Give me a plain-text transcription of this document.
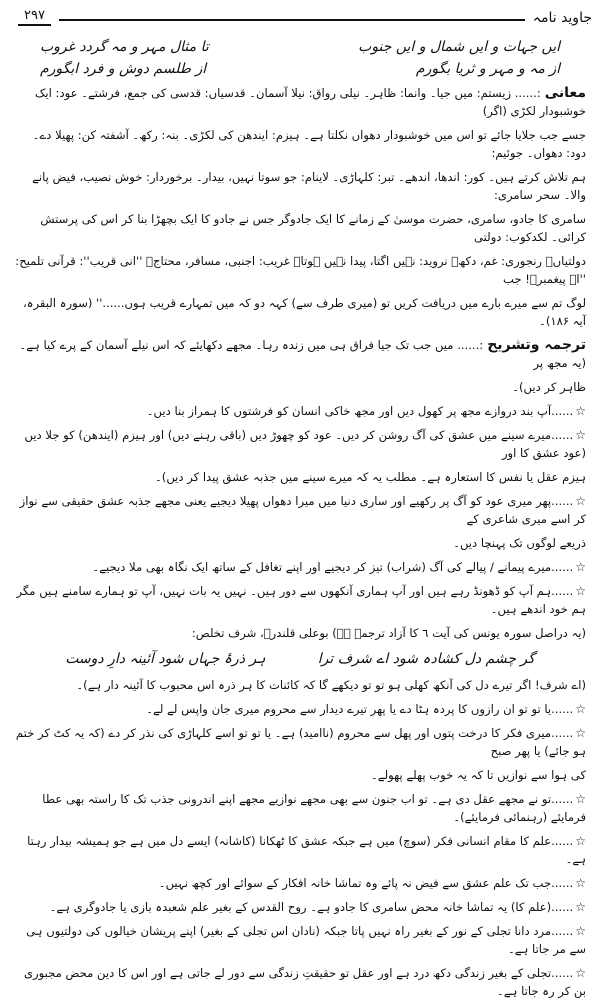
جاوید نامہ
۲۹۷
ایں جہات و ایں شمال و ایں جنوب
تا مثال مہر و مہ گردد غروب
از مہ و مہر و ثریا بگورم
از طلسم دوش و فرد ابگورم
معانی:...... زیستم: میں جیا۔ وانما: ظاہر۔ نیلی رواق: نیلا آسمان۔ قدسیاں: قدسی کی جمع، فرشتے۔ عود: ایک خوشبودار لکڑی (اگر)
جسے جب جلایا جائے تو اس میں خوشبودار دھواں نکلتا ہے۔ ہیزم: ایندھن کی لکڑی۔ بنہ: رکھ۔ آشفتہ کن: پھیلا دے۔ دود: دھواں۔ جوئیم:
ہم تلاش کرتے ہیں۔ کور: اندھا، اندھے۔ تبر: کلہاڑی۔ لاینام: جو سوتا نہیں، بیدار۔ برخوردار: خوش نصیب، فیض پانے والا۔ سحر سامری:
سامری کا جادو، سامری، حضرت موسیٰ کے زمانے کا ایک جادوگر جس نے جادو کا ایک بچھڑا بنا کر اس کی پرستش کرائی۔ لکدکوب: دولتی
دولتیاں۔ رنجوری: غم، دکھ۔ نروید: نہیں اگتا، پیدا نہیں ہوتا۔ غریب: اجنبی، مسافر، محتاج۔ ''انی قریب'': قرآنی تلمیح: ''اے پیغمبرؐ! جب
لوگ تم سے میرے بارے میں دریافت کریں تو (میری طرف سے) کہہ دو کہ میں تمہارے قریب ہوں......'' (سورہ البقرہ، آیہ ۱۸۶)۔
ترجمہ وتشریح:...... میں جب تک جیا فراق ہی میں زندہ رہا۔ مجھے دکھایئے کہ اس نیلے آسمان کے پرے کیا ہے۔ (یہ مجھ پر
ظاہر کر دیں)۔
☆......آپ بند دروازے مجھ پر کھول دیں اور مجھ خاکی انسان کو فرشتوں کا ہمراز بنا دیں۔
☆......میرے سینے میں عشق کی آگ روشن کر دیں۔ عود کو چھوڑ دیں (باقی رہنے دیں) اور ہیزم (ایندھن) کو جلا دیں (عود عشق کا اور
ہیزم عقل یا نفس کا استعارہ ہے۔ مطلب یہ کہ میرے سینے میں جذبہ عشق پیدا کر دیں)۔
☆......پھر میری عود کو آگ پر رکھیے اور ساری دنیا میں میرا دھواں پھیلا دیجیے یعنی مجھے جذبہ عشق حقیقی سے نواز کر اسے میری شاعری کے
ذریعے لوگوں تک پہنچا دیں۔
☆......میرے پیمانے / پیالے کی آگ (شراب) تیز کر دیجیے اور اپنے تغافل کے ساتھ ایک نگاہ بھی ملا دیجیے۔
☆......ہم آپ کو ڈھونڈ رہے ہیں اور آپ ہماری آنکھوں سے دور ہیں۔ نہیں یہ بات نہیں، آپ تو ہمارے سامنے ہیں مگر ہم خود اندھے ہیں۔
(یہ دراصل سورہ یونس کی آیت ٦ کا آزاد ترجمہ ہے) بوعلی قلندرؒ، شرف تخلص:
گر چشم دل کشادہ شود اے شرف ترا
ہر ذرۂ جہاں شود آئینہ دارِ دوست
(اے شرف! اگر تیرے دل کی آنکھ کھلی ہو تو تو دیکھے گا کہ کائنات کا ہر ذرہ اس محبوب کا آئینہ دار ہے)۔
☆......یا تو تو ان رازوں کا پردہ ہٹا دے یا پھر تیرے دیدار سے محروم میری جان واپس لے لے۔
☆......میری فکر کا درخت پتوں اور پھل سے محروم (ناامید) ہے۔ یا تو تو اسے کلہاڑی کی نذر کر دے (کہ یہ کٹ کر ختم ہو جائے) یا پھر صبح
کی ہوا سے نوازیں تا کہ یہ خوب پھلے پھولے۔
☆......تو نے مجھے عقل دی ہے۔ تو اب جنون سے بھی مجھے نوازیے مجھے اپنے اندرونی جذب تک کا راستہ بھی عطا فرمایئے (رہنمائی فرمایئے)۔
☆......علم کا مقام انسانی فکر (سوچ) میں ہے جبکہ عشق کا ٹھکانا (کاشانہ) ایسے دل میں ہے جو ہمیشہ بیدار رہتا ہے۔
☆......جب تک علم عشق سے فیض نہ پائے وہ تماشا خانہ افکار کے سوائے اور کچھ نہیں۔
☆......(علم کا) یہ تماشا خانہ محض سامری کا جادو ہے۔ روح القدس کے بغیر علم شعبدہ بازی یا جادوگری ہے۔
☆......مرد دانا تجلی کے نور کے بغیر راہ نہیں پاتا جبکہ (نادان اس تجلی کے بغیر) اپنے پریشان خیالوں کی دولتیوں ہی سے مر جاتا ہے۔
☆......تجلی کے بغیر زندگی دکھ درد ہے اور عقل تو حقیقتِ زندگی سے دور لے جاتی ہے اور اس کا دین محض مجبوری بن کر رہ جاتا ہے۔
